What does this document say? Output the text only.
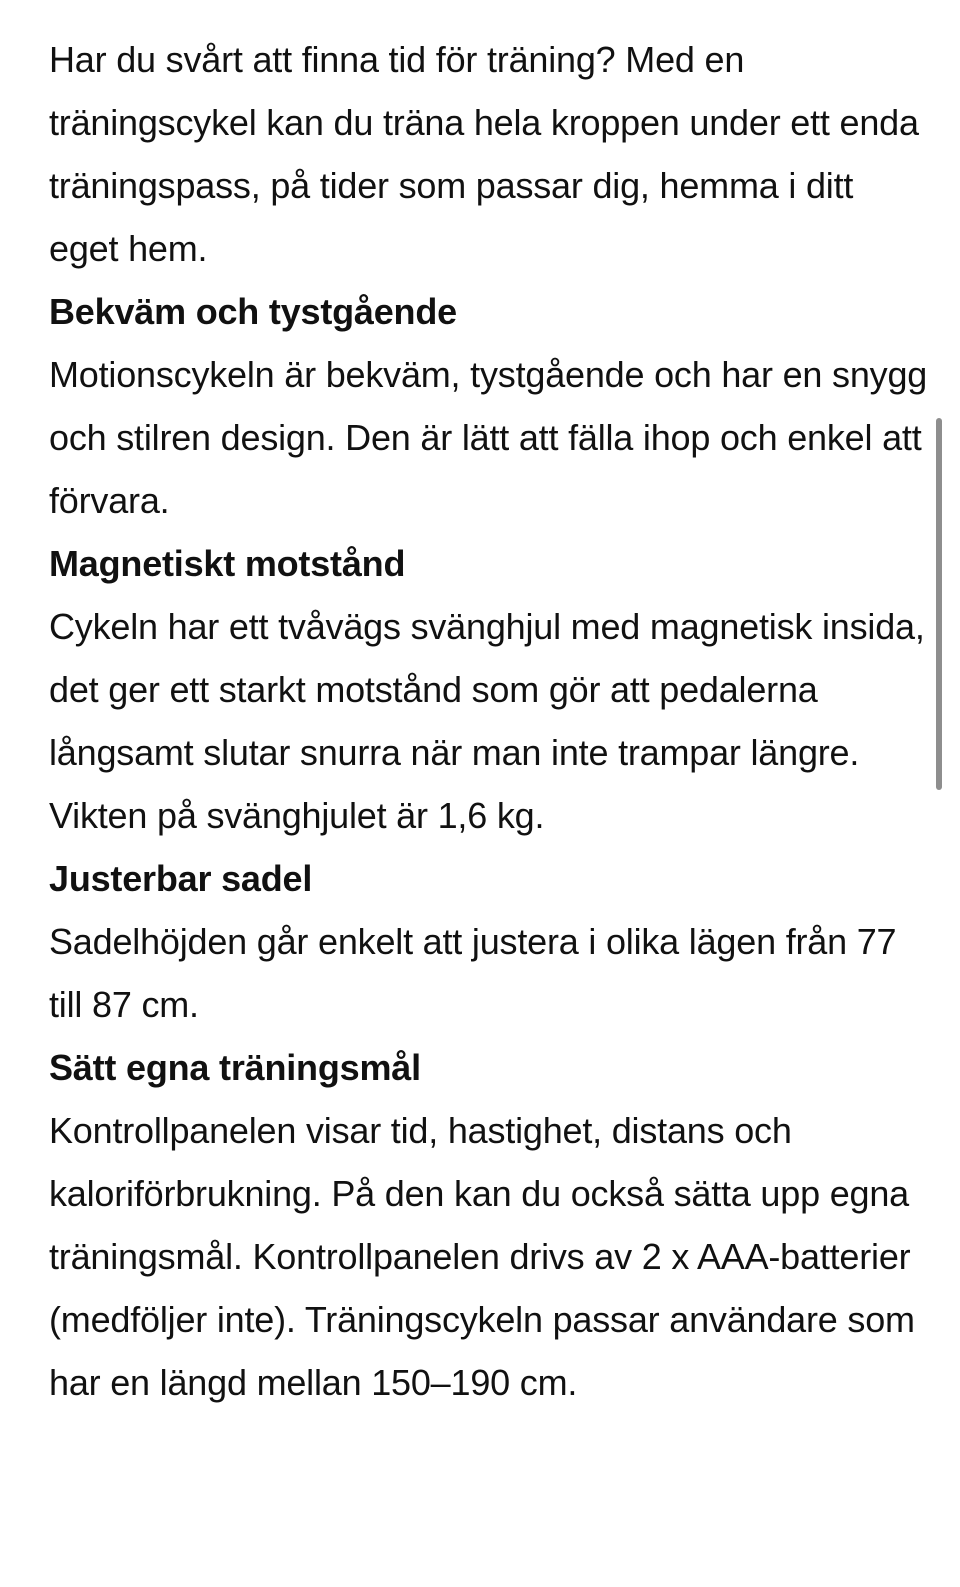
Har du svårt att finna tid för träning? Med en träningscykel kan du träna hela kroppen under ett enda träningspass, på tider som passar dig, hemma i ditt eget hem.

Bekväm och tystgående

Motionscykeln är bekväm, tystgående och har en snygg och stilren design. Den är lätt att fälla ihop och enkel att förvara.

Magnetiskt motstånd

Cykeln har ett tvåvägs svänghjul med magnetisk insida, det ger ett starkt motstånd som gör att pedalerna långsamt slutar snurra när man inte trampar längre. Vikten på svänghjulet är 1,6 kg.

Justerbar sadel

Sadelhöjden går enkelt att justera i olika lägen från 77 till 87 cm.

Sätt egna träningsmål

Kontrollpanelen visar tid, hastighet, distans och kaloriförbrukning. På den kan du också sätta upp egna träningsmål. Kontrollpanelen drivs av 2 x AAA-batterier (medföljer inte). Träningscykeln passar användare som har en längd mellan 150–190 cm.
